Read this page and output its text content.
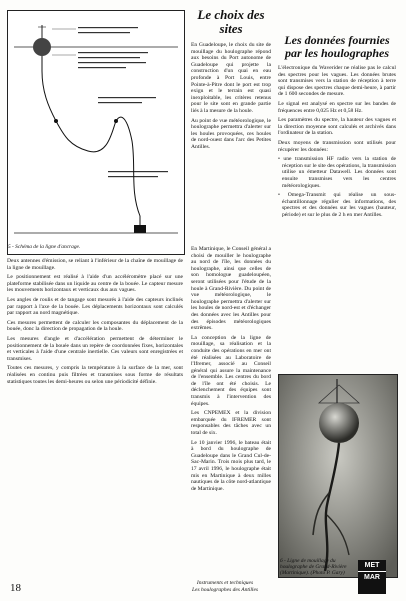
5 - Schéma de la ligne d'ancrage.

Deux antennes d'émission, se reliant à l'inférieur de la chaîne de mouillage de la ligne de mouillage.

Le positionnement est réalisé à l'aide d'un accéléromètre placé sur une plateforme stabilisée dans un liquide au centre de la bouée. Le capteur mesure les mouvements horizontaux et verticaux dus aux vagues.

Les angles de roulis et de tangage sont mesurés à l'aide des capteurs inclinés par rapport à l'axe de la bouée. Les déplacements horizontaux sont calculés par rapport au nord magnétique.

Ces mesures permettent de calculer les composantes du déplacement de la bouée, donc la direction de propagation de la houle.

Les mesures d'angle et d'accélération permettent de déterminer le positionnement de la bouée dans un repère de coordonnées fixes, horizontales et verticales à l'aide d'une centrale inertielle. Ces valeurs sont enregistrées et transmises.

Toutes ces mesures, y compris la température à la surface de la mer, sont réalisées en continu puis filtrées et transmises sous forme de résultats statistiques toutes les demi-heures ou selon une périodicité définie.

Le choix des sites

En Guadeloupe, le choix du site de mouillage du houlographe répond aux besoins du Port autonome de Guadeloupe qui projette la construction d'un quai en eau profonde à Port Louis, entre Pointe-à-Pitre dont le port est trop exigu et le terrain est quasi inexploitable, les critères retenus pour le site sont en grande partie liés à la mesure de la houle.

Au point de vue météorologique, le houlographe permettra d'alerter sur les houles provoquées, ces houles de nord-ouest dans l'arc des Petites Antilles.

En Martinique, le Conseil général a choisi de mouiller le houlographe au nord de l'île, les données du houlographe, ainsi que celles de son homologue guadeloupéen, seront utilisées pour l'étude de la houle à Grand-Rivière. Du point de vue météorologique, le houlographe permettra d'alerter sur les houles de nord-est et d'échanger des données avec les Antilles pour des épisodes météorologiques extrêmes.

La conception de la ligne de mouillage, sa réalisation et la conduite des opérations en mer ont été réalisées au Laboratoire de l'Ifremer, associé au Conseil général qui assure la maintenance de l'ensemble. Les centres du bord de l'île ont été choisis. Le déclenchement des équipes sont transmis à l'intervention des équipes.

Les CNPEMEX et la division embarquée du IFREMER sont responsables des tâches avec un total de six.

Le 10 janvier 1996, le bateau était à bord du houlographe de Guadeloupe dans le Grand Cul-de-Sac-Marin. Trois mois plus tard, le 17 avril 1996, le houlographe était mis en Martinique à deux milles nautiques de la côte nord-atlantique de Martinique.

Les données fournies par les houlographes

L'électronique du Waverider ne réalise pas le calcul des spectres pour les vagues. Les données brutes sont transmises vers la station de réception à terre qui dispose des spectres chaque demi-heure, à partir de 1 600 secondes de mesure.

Le signal est analysé en spectre sur les bandes de fréquences entre 0,025 Hz et 0,58 Hz.

Les paramètres du spectre, la hauteur des vagues et la direction moyenne sont calculés et archivés dans l'ordinateur de la station.

Deux moyens de transmission sont utilisés pour récupérer les données:

• une transmission HF radio vers la station de réception sur le site des opérations, la transmission utilise un émetteur Datawell. Les données sont ensuite transmises vers les centres météorologiques.

• Omega-Transmit qui réalise un sous-échantillonnage régulier des informations, des spectres et des données sur les vagues (hauteur, période) et sur le plus de 2 h en mer Antilles.

6 - Ligne de mouillage du houlographe de Grand-Rivière (Martinique). (Photo P. Gary)
18	Instruments et techniques
Les houlographes des Antilles
MET
MAR
